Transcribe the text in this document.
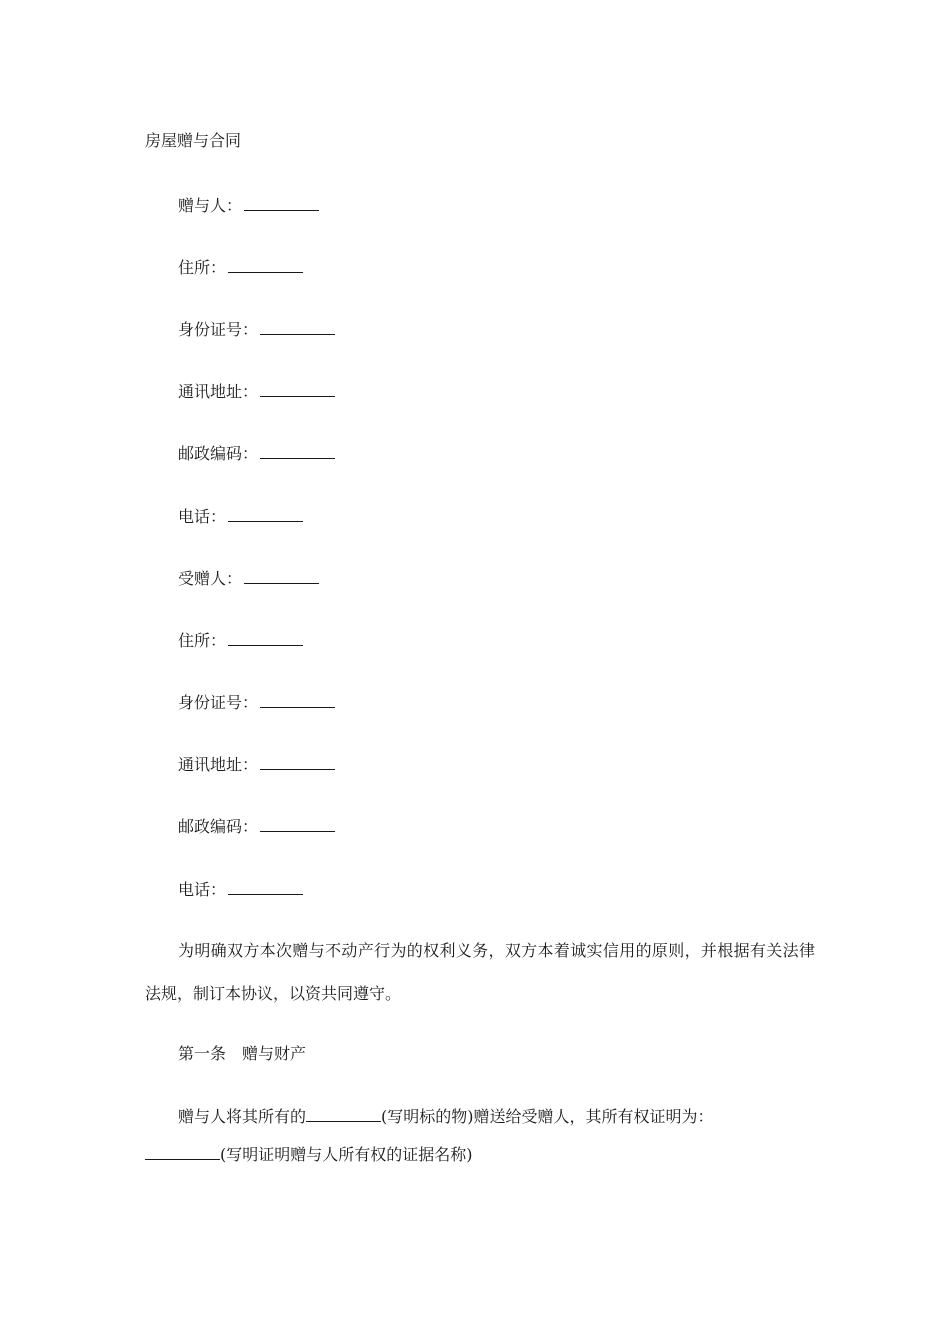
房屋赠与合同
赠与人：
住所：
身份证号：
通讯地址：
邮政编码：
电话：
受赠人：
住所：
身份证号：
通讯地址：
邮政编码：
电话：
为明确双方本次赠与不动产行为的权利义务，双方本着诚实信用的原则，并根据有关法律法规，制订本协议，以资共同遵守。
第一条　赠与财产
赠与人将其所有的	(写明标的物)赠送给受赠人，其所有权证明为：
(写明证明赠与人所有权的证据名称)
